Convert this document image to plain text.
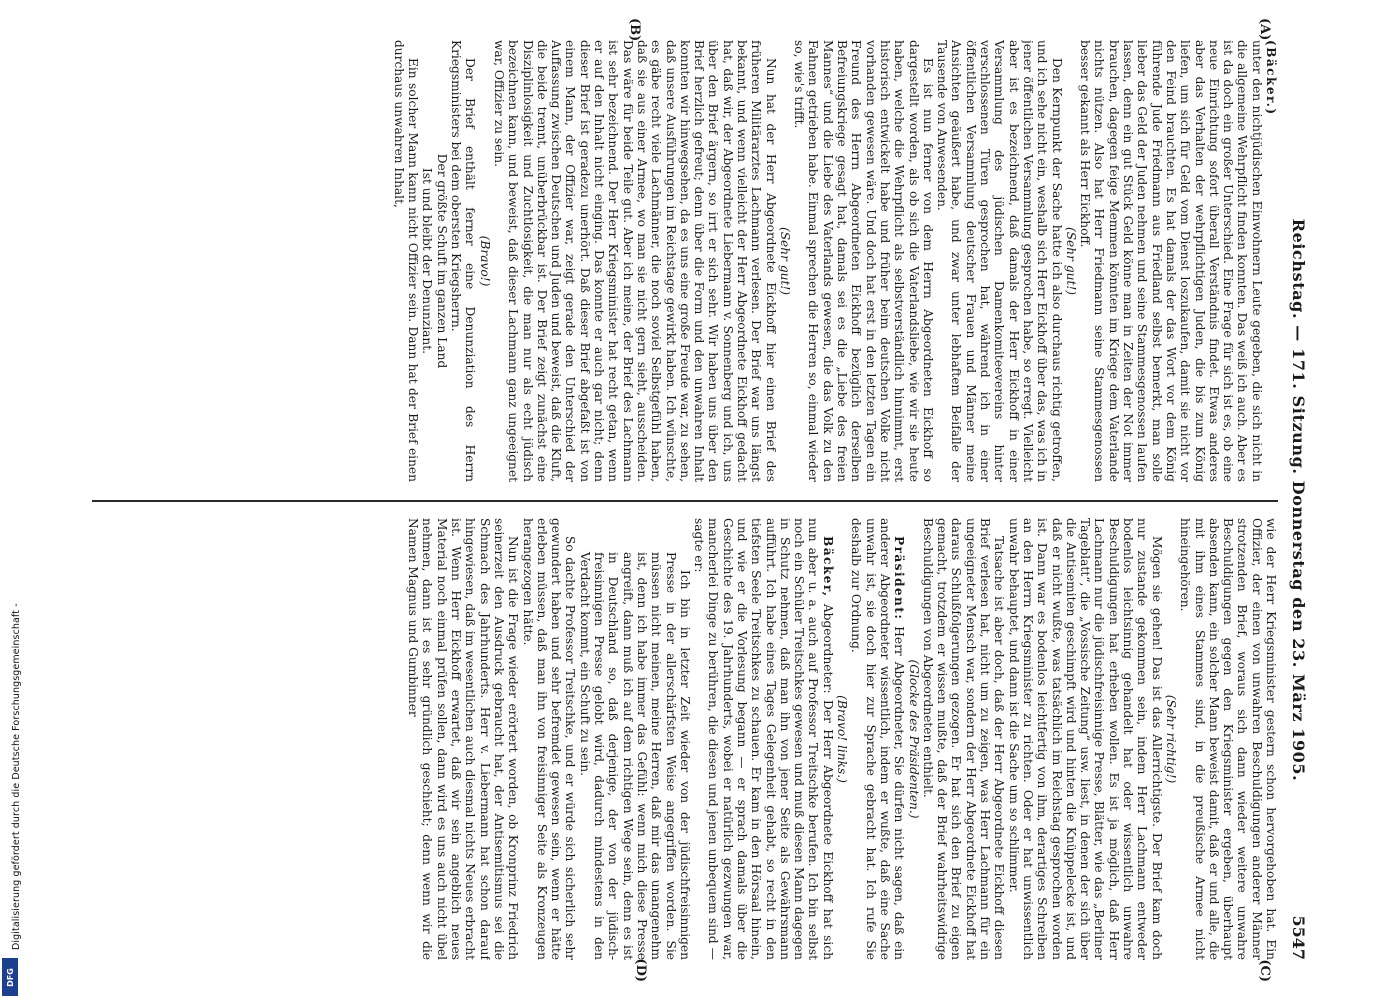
Digitalisierung gefördert durch die Deutsche Forschungsgemeinschaft -
DFG
Reichstag. — 171. Sitzung. Donnerstag den 23. März 1905.
5547

(Bäcker.)

unter den nichtjüdischen Einwohnern Leute gegeben, die sich nicht in die allgemeine Wehrpflicht finden konnten. Das weiß ich auch. Aber es ist da doch ein großer Unterschied. Eine Frage für sich ist es, ob eine neue Einrichtung sofort überall Verständnis findet. Etwas anderes aber das Verhalten der wehrpflichtigen Juden, die bis zum König liefen, um sich für Geld vom Dienst loszukaufen, damit sie nicht vor den Feind brauchten. Es hat damals der das Wort vor dem König führende Jude Friedmann aus Friedland selbst bemerkt, man solle lieber das Geld der Juden nehmen und seine Stammesgenossen laufen lassen, denn ein gut Stück Geld könne man in Zeiten der Not immer brauchen, dagegen feige Memmen könnten im Kriege dem Vaterlande nichts nützen. Also hat Herr Friedmann seine Stammesgenossen besser gekannt als Herr Eickhoff.

(Sehr gut!)

Den Kernpunkt der Sache hatte ich also durchaus richtig getroffen, und ich sehe nicht ein, weshalb sich Herr Eickhoff über das, was ich in jener öffentlichen Versammlung gesprochen habe, so erregt. Vielleicht aber ist es bezeichnend, daß damals der Herr Eickhoff in einer Versammlung des jüdischen Damenkomiteevereins hinter verschlossenen Türen gesprochen hat, während ich in einer öffentlichen Versammlung deutscher Frauen und Männer meine Ansichten geäußert habe, und zwar unter lebhaftem Beifalle der Tausende von Anwesenden.

Es ist nun ferner von dem Herrn Abgeordneten Eickhoff so dargestellt worden, als ob sich die Vaterlandsliebe, wie wir sie heute haben, welche die Wehrpflicht als selbstverständlich hinnimmt, erst historisch entwickelt habe und früher beim deutschen Volke nicht vorhanden gewesen wäre. Und doch hat erst in den letzten Tagen ein Freund des Herrn Abgeordneten Eickhoff bezüglich derselben Befreiungskriege gesagt hat, damals sei es die „Liebe des freien Mannes“ und die Liebe des Vaterlands gewesen, die das Volk zu den Fahnen getrieben habe. Einmal sprechen die Herren so, einmal wieder so, wie's trifft.

(Sehr gut!)

Nun hat der Herr Abgeordnete Eickhoff hier einen Brief des früheren Militärarztes Lachmann verlesen. Der Brief war uns längst bekannt, und wenn vielleicht der Herr Abgeordnete Eickhoff gedacht hat, daß wir, der Abgeordnete Liebermann v. Sonnenberg und ich, uns über den Brief ärgern, so irrt er sich sehr. Wir haben uns über den Brief herzlich gefreut; denn über die Form und den unwahren Inhalt konnten wir hinwegsehen, da es uns eine große Freude war, zu sehen, daß unsere Ausführungen im Reichstage gewirkt haben. Ich wünschte, es gäbe recht viele Lachmänner, die noch soviel Selbstgefühl haben, daß sie aus einer Armee, wo man sie nicht gern sieht, ausscheiden. Das wäre für beide Teile gut. Aber ich meine, der Brief des Lachmann ist sehr bezeichnend. Der Herr Kriegsminister hat recht getan, wenn er auf den Inhalt nicht einging. Das konnte er auch gar nicht; denn dieser Brief ist geradezu unerhört. Daß dieser Brief abgefaßt ist von einem Mann, der Offizier war, zeigt gerade den Unterschied der Auffassung zwischen Deutschen und Juden und beweist, daß die Kluft, die beide trennt, unüberbrückbar ist. Der Brief zeigt zunächst eine Disziplinlosigkeit und Zuchtlosigkeit, die man nur als echt jüdisch bezeichnen kann, und beweist, daß dieser Lachmann ganz ungeeignet war, Offizier zu sein.

(Bravo!)

Der Brief enthält ferner eine Denunziation des Herrn Kriegsministers bei dem obersten Kriegsherrn.

Der größte Schuft im ganzen Land

Ist und bleibt der Denunziant.

Ein solcher Mann kann nicht Offizier sein. Dann hat der Brief einen durchaus unwahren Inhalt,

wie der Herr Kriegsminister gestern schon hervorgehoben hat. Ein Offizier, der einen von unwahren Beschuldigungen anderer Männer strotzenden Brief, woraus sich dann wieder weitere unwahre Beschuldigungen gegen den Kriegsminister ergeben, überhaupt absenden kann, ein solcher Mann beweist damit, daß er und alle, die mit ihm eines Stammes sind, in die preußische Armee nicht hineingehören.

(Sehr richtig!)

Mögen sie gehen! Das ist das Allerrichtigste. Der Brief kam doch nur zustande gekommen sein, indem Herr Lachmann entweder bodenlos leichtsinnig gehandelt hat oder wissentlich unwahre Beschuldigungen hat erheben wollen. Es ist ja möglich, daß Herr Lachmann nur die jüdischfreisinnige Presse, Blätter, wie das „Berliner Tageblatt“, die „Vossische Zeitung“ usw. liest, in denen der sich über die Antisemiten geschimpft wird und hinten die Knüppelecke ist, und daß er nicht wußte, was tatsächlich im Reichstag gesprochen worden ist. Dann war es bodenlos leichtfertig von ihm, derartiges Schreiben an den Herrn Kriegsminister zu richten. Oder er hat unwissentlich unwahr behauptet, und dann ist die Sache um so schlimmer.

Tatsache ist aber doch, daß der Herr Abgeordnete Eickhoff diesen Brief verlesen hat, nicht um zu zeigen, was Herr Lachmann für ein ungeeigneter Mensch war, sondern der Herr Abgeordnete Eickhoff hat daraus Schlußfolgerungen gezogen. Er hat sich den Brief zu eigen gemacht, trotzdem er wissen mußte, daß der Brief wahrheitswidrige Beschuldigungen von Abgeordneten enthielt.

(Glocke des Präsidenten.)

Präsident: Herr Abgeordneter, Sie dürfen nicht sagen, daß ein anderer Abgeordneter wissentlich, indem er wußte, daß eine Sache unwahr ist, sie doch hier zur Sprache gebracht hat. Ich rufe Sie deshalb zur Ordnung.

(Bravo! links.)

Bäcker, Abgeordneter: Der Herr Abgeordnete Eickhoff hat sich nun aber u. a. auch auf Professor Treitschke berufen. Ich bin selbst noch ein Schüler Treitschkes gewesen und muß diesen Mann dagegen in Schutz nehmen, daß man ihn von jener Seite als Gewährsmann aufführt. Ich habe eines Tages Gelegenheit gehabt, so recht in den tiefsten Seele Treitschkes zu schauen. Er kam in den Hörsaal hinein, und wie er die Vorlesung begann — er sprach damals über die Geschichte des 19. Jahrhunderts, wobei er natürlich gezwungen war, mancherlei Dinge zu berühren, die diesen und jenen unbequem sind — sagte er:

Ich bin in letzter Zeit wieder von der jüdischfreisinnigen Presse in der allerschärfsten Weise angegriffen worden. Sie müssen nicht meinen, meine Herren, daß mir das unangenehm ist, denn ich habe immer das Gefühl: wenn mich diese Presse angreift, dann muß ich auf dem richtigen Wege sein, denn es ist in Deutschland so, daß derjenige, der von der jüdisch-freisinnigen Presse gelobt wird, dadurch mindestens in den Verdacht kommt, ein Schuft zu sein.

So dachte Professor Treitschke, und er würde sich sicherlich sehr gewundert haben und sehr befremdet gewesen sein, wenn er hätte erleben müssen, daß man ihn von freisinniger Seite als Kronzeugen herangezogen hätte.

Nun ist die Frage wieder erörtert worden, ob Kronprinz Friedrich seinerzeit den Ausdruck gebraucht hat, der Antisemitismus sei die Schmach des Jahrhunderts. Herr v. Liebermann hat schon darauf hingewiesen, daß im wesentlichen auch diesmal nichts Neues erbracht ist. Wenn Herr Eickhoff erwartet, daß wir sein angeblich neues Material noch einmal prüfen sollen, dann wird es uns auch nicht übel nehmen, dann ist es sehr gründlich geschieht; denn wenn wir die Namen Magnus und Gumbinner

(A)
(B)
(C)
(D)
